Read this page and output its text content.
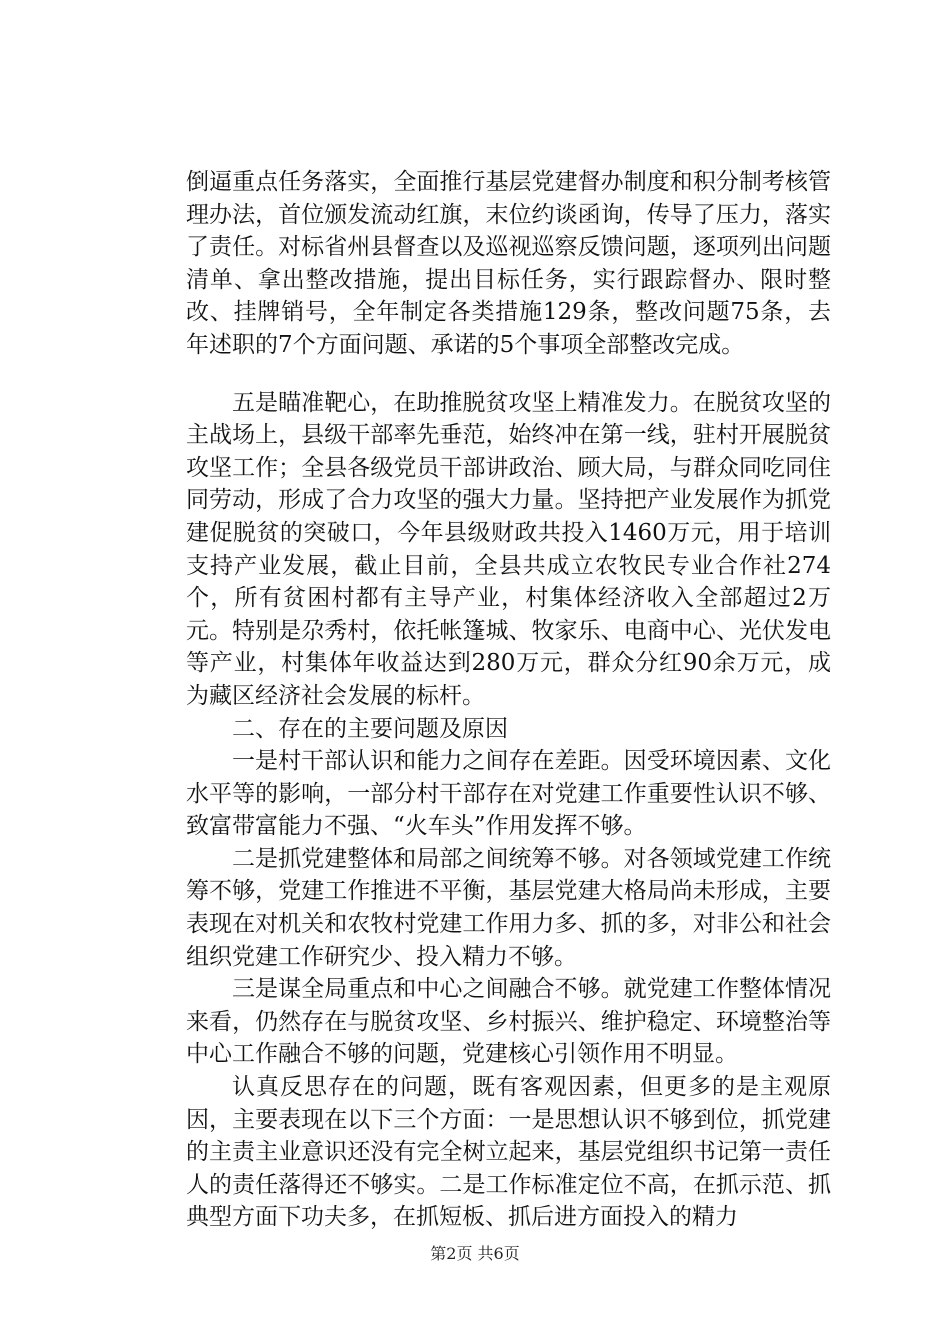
倒逼重点任务落实，全面推行基层党建督办制度和积分制考核管理办法，首位颁发流动红旗，末位约谈函询，传导了压力，落实了责任。对标省州县督查以及巡视巡察反馈问题，逐项列出问题清单、拿出整改措施，提出目标任务，实行跟踪督办、限时整改、挂牌销号，全年制定各类措施129条，整改问题75条，去年述职的7个方面问题、承诺的5个事项全部整改完成。

五是瞄准靶心，在助推脱贫攻坚上精准发力。在脱贫攻坚的主战场上，县级干部率先垂范，始终冲在第一线，驻村开展脱贫攻坚工作；全县各级党员干部讲政治、顾大局，与群众同吃同住同劳动，形成了合力攻坚的强大力量。坚持把产业发展作为抓党建促脱贫的突破口，今年县级财政共投入1460万元，用于培训支持产业发展，截止目前，全县共成立农牧民专业合作社274个，所有贫困村都有主导产业，村集体经济收入全部超过2万元。特别是尕秀村，依托帐篷城、牧家乐、电商中心、光伏发电等产业，村集体年收益达到280万元，群众分红90余万元，成为藏区经济社会发展的标杆。

二、存在的主要问题及原因

一是村干部认识和能力之间存在差距。因受环境因素、文化水平等的影响，一部分村干部存在对党建工作重要性认识不够、致富带富能力不强、“火车头”作用发挥不够。

二是抓党建整体和局部之间统筹不够。对各领域党建工作统筹不够，党建工作推进不平衡，基层党建大格局尚未形成，主要表现在对机关和农牧村党建工作用力多、抓的多，对非公和社会组织党建工作研究少、投入精力不够。

三是谋全局重点和中心之间融合不够。就党建工作整体情况来看，仍然存在与脱贫攻坚、乡村振兴、维护稳定、环境整治等中心工作融合不够的问题，党建核心引领作用不明显。

认真反思存在的问题，既有客观因素，但更多的是主观原因，主要表现在以下三个方面：一是思想认识不够到位，抓党建的主责主业意识还没有完全树立起来，基层党组织书记第一责任人的责任落得还不够实。二是工作标准定位不高，在抓示范、抓典型方面下功夫多，在抓短板、抓后进方面投入的精力

第2页 共6页
